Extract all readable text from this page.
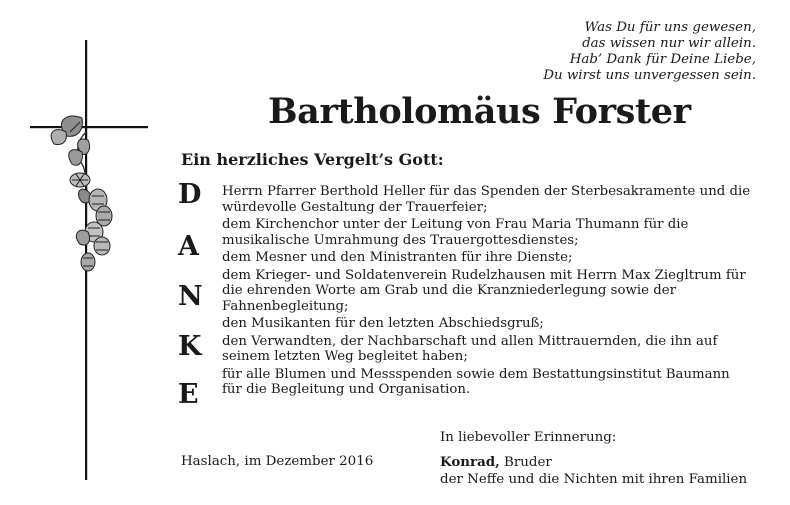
Was Du für uns gewesen,
das wissen nur wir allein.
Hab’ Dank für Deine Liebe,
Du wirst uns unvergessen sein.
Bartholomäus Forster
Ein herzliches Vergelt’s Gott:
D
A
N
K
E
Herrn Pfarrer Berthold Heller für das Spenden der Sterbesakramente und die würdevolle Gestaltung der Trauerfeier;
dem Kirchenchor unter der Leitung von Frau Maria Thumann für die musikalische Umrahmung des Trauergottesdienstes;
dem Mesner und den Ministranten für ihre Dienste;
dem Krieger- und Soldatenverein Rudelzhausen mit Herrn Max Ziegltrum für die ehrenden Worte am Grab und die Kranzniederlegung sowie der Fahnenbegleitung;
den Musikanten für den letzten Abschiedsgruß;
den Verwandten, der Nachbarschaft und allen Mittrauernden, die ihn auf seinem letzten Weg begleitet haben;
für alle Blumen und Messspenden sowie dem Bestattungsinstitut Baumann für die Begleitung und Organisation.
Haslach, im Dezember 2016
In liebevoller Erinnerung:
Konrad, Bruder
der Neffe und die Nichten mit ihren Familien
